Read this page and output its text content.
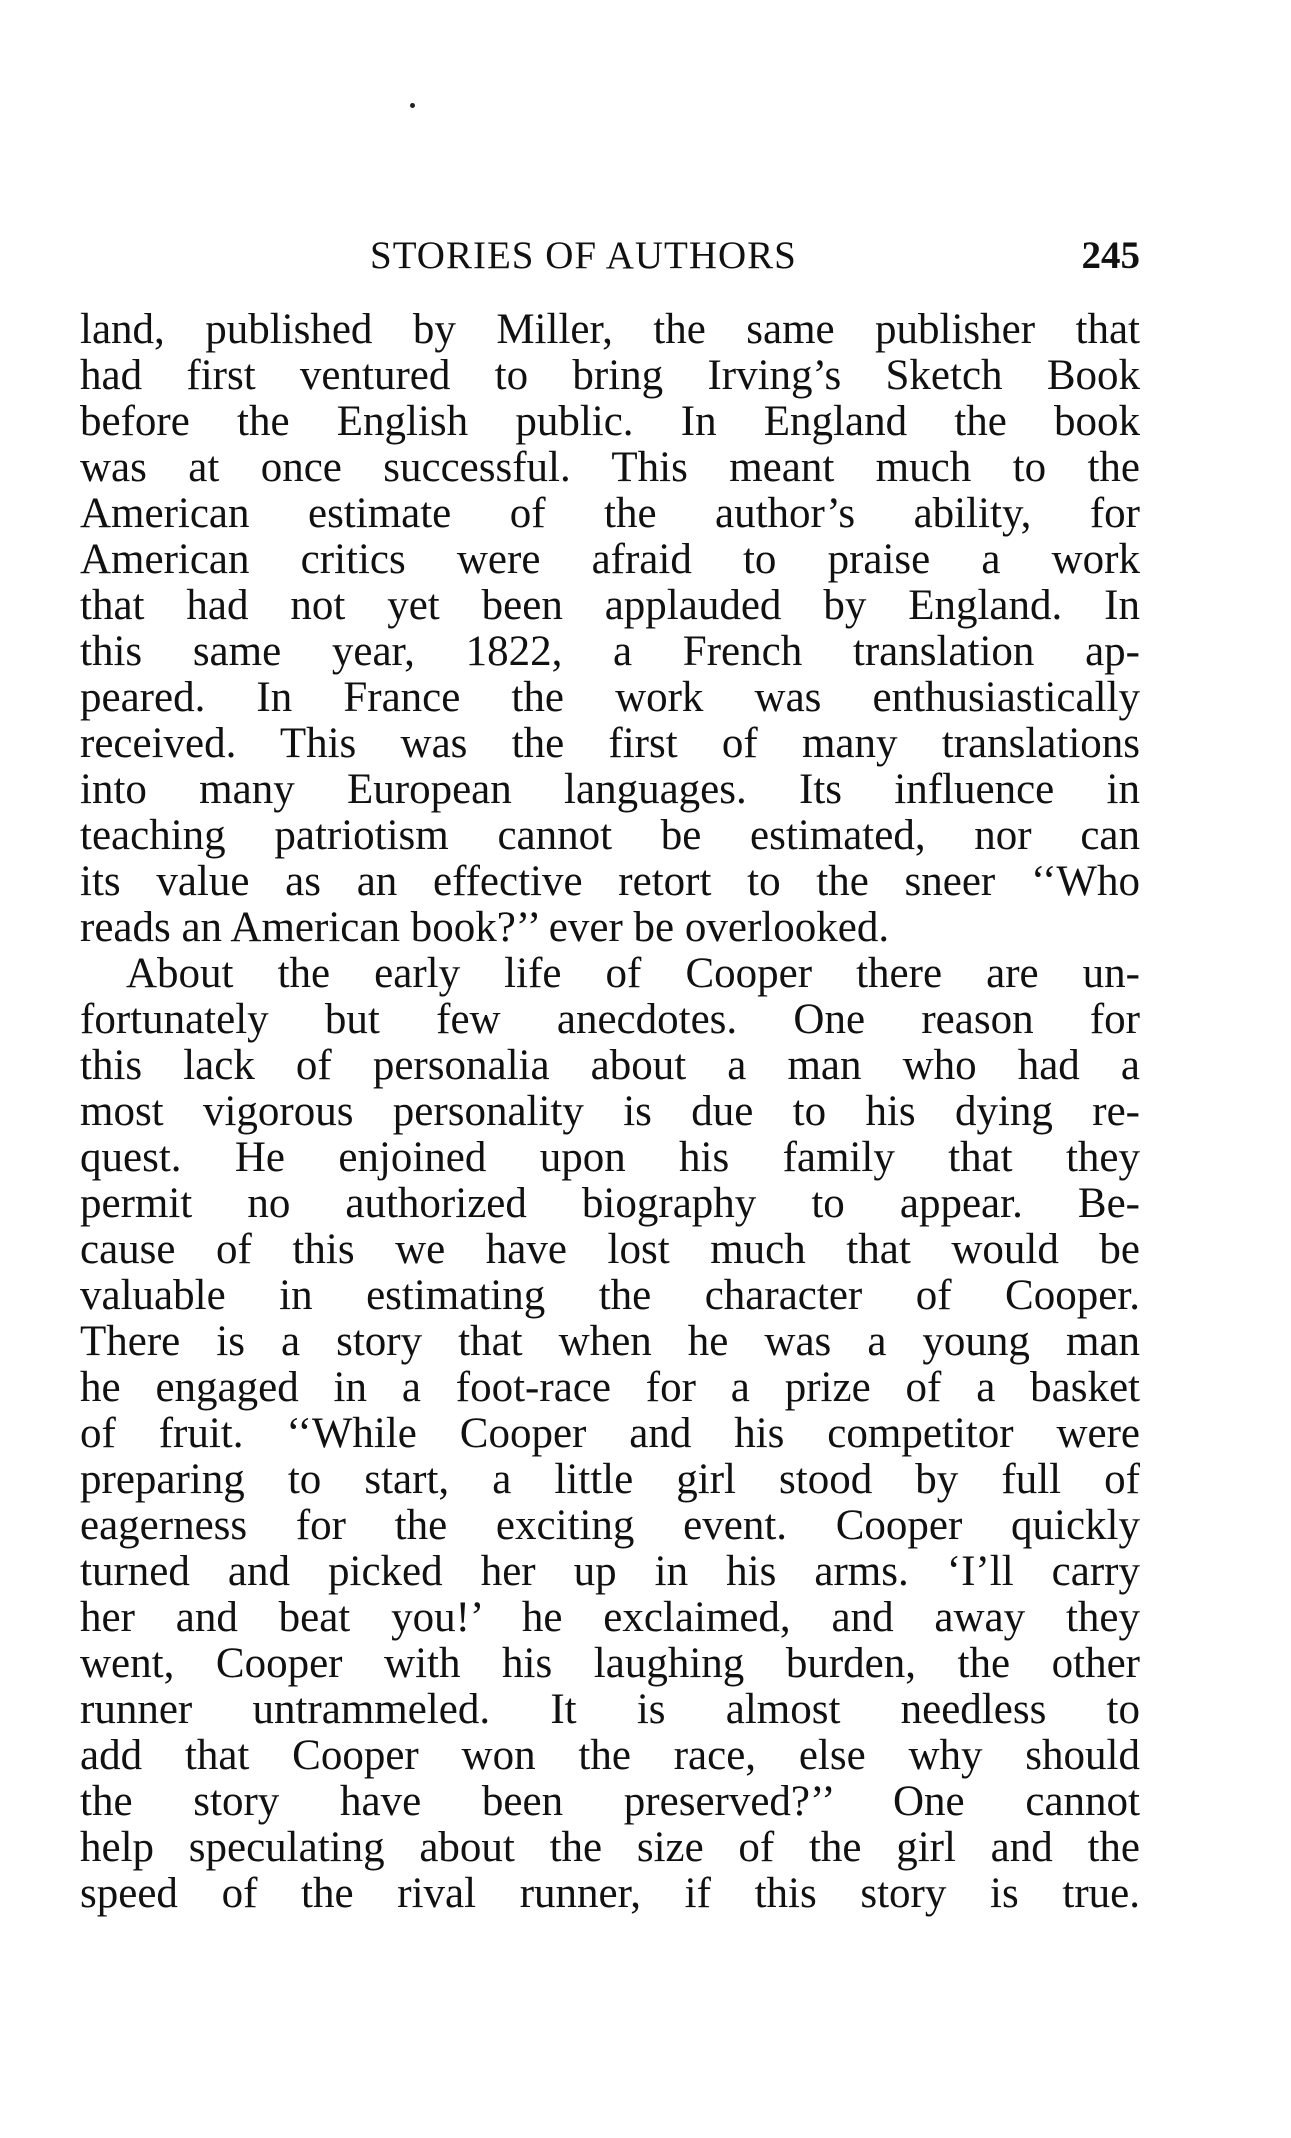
STORIES OF AUTHORS	245
land, published by Miller, the same publisher that
had first ventured to bring Irving’s Sketch Book
before the English public. In England the book
was at once successful. This meant much to the
American estimate of the author’s ability, for
American critics were afraid to praise a work
that had not yet been applauded by England. In
this same year, 1822, a French translation ap-
peared. In France the work was enthusiastically
received. This was the first of many translations
into many European languages. Its influence in
teaching patriotism cannot be estimated, nor can
its value as an effective retort to the sneer ‘‘Who
reads an American book?’’ ever be overlooked.
About the early life of Cooper there are un-
fortunately but few anecdotes. One reason for
this lack of personalia about a man who had a
most vigorous personality is due to his dying re-
quest. He enjoined upon his family that they
permit no authorized biography to appear. Be-
cause of this we have lost much that would be
valuable in estimating the character of Cooper.
There is a story that when he was a young man
he engaged in a foot-race for a prize of a basket
of fruit. ‘‘While Cooper and his competitor were
preparing to start, a little girl stood by full of
eagerness for the exciting event. Cooper quickly
turned and picked her up in his arms. ‘I’ll carry
her and beat you!’ he exclaimed, and away they
went, Cooper with his laughing burden, the other
runner untrammeled. It is almost needless to
add that Cooper won the race, else why should
the story have been preserved?’’ One cannot
help speculating about the size of the girl and the
speed of the rival runner, if this story is true.
